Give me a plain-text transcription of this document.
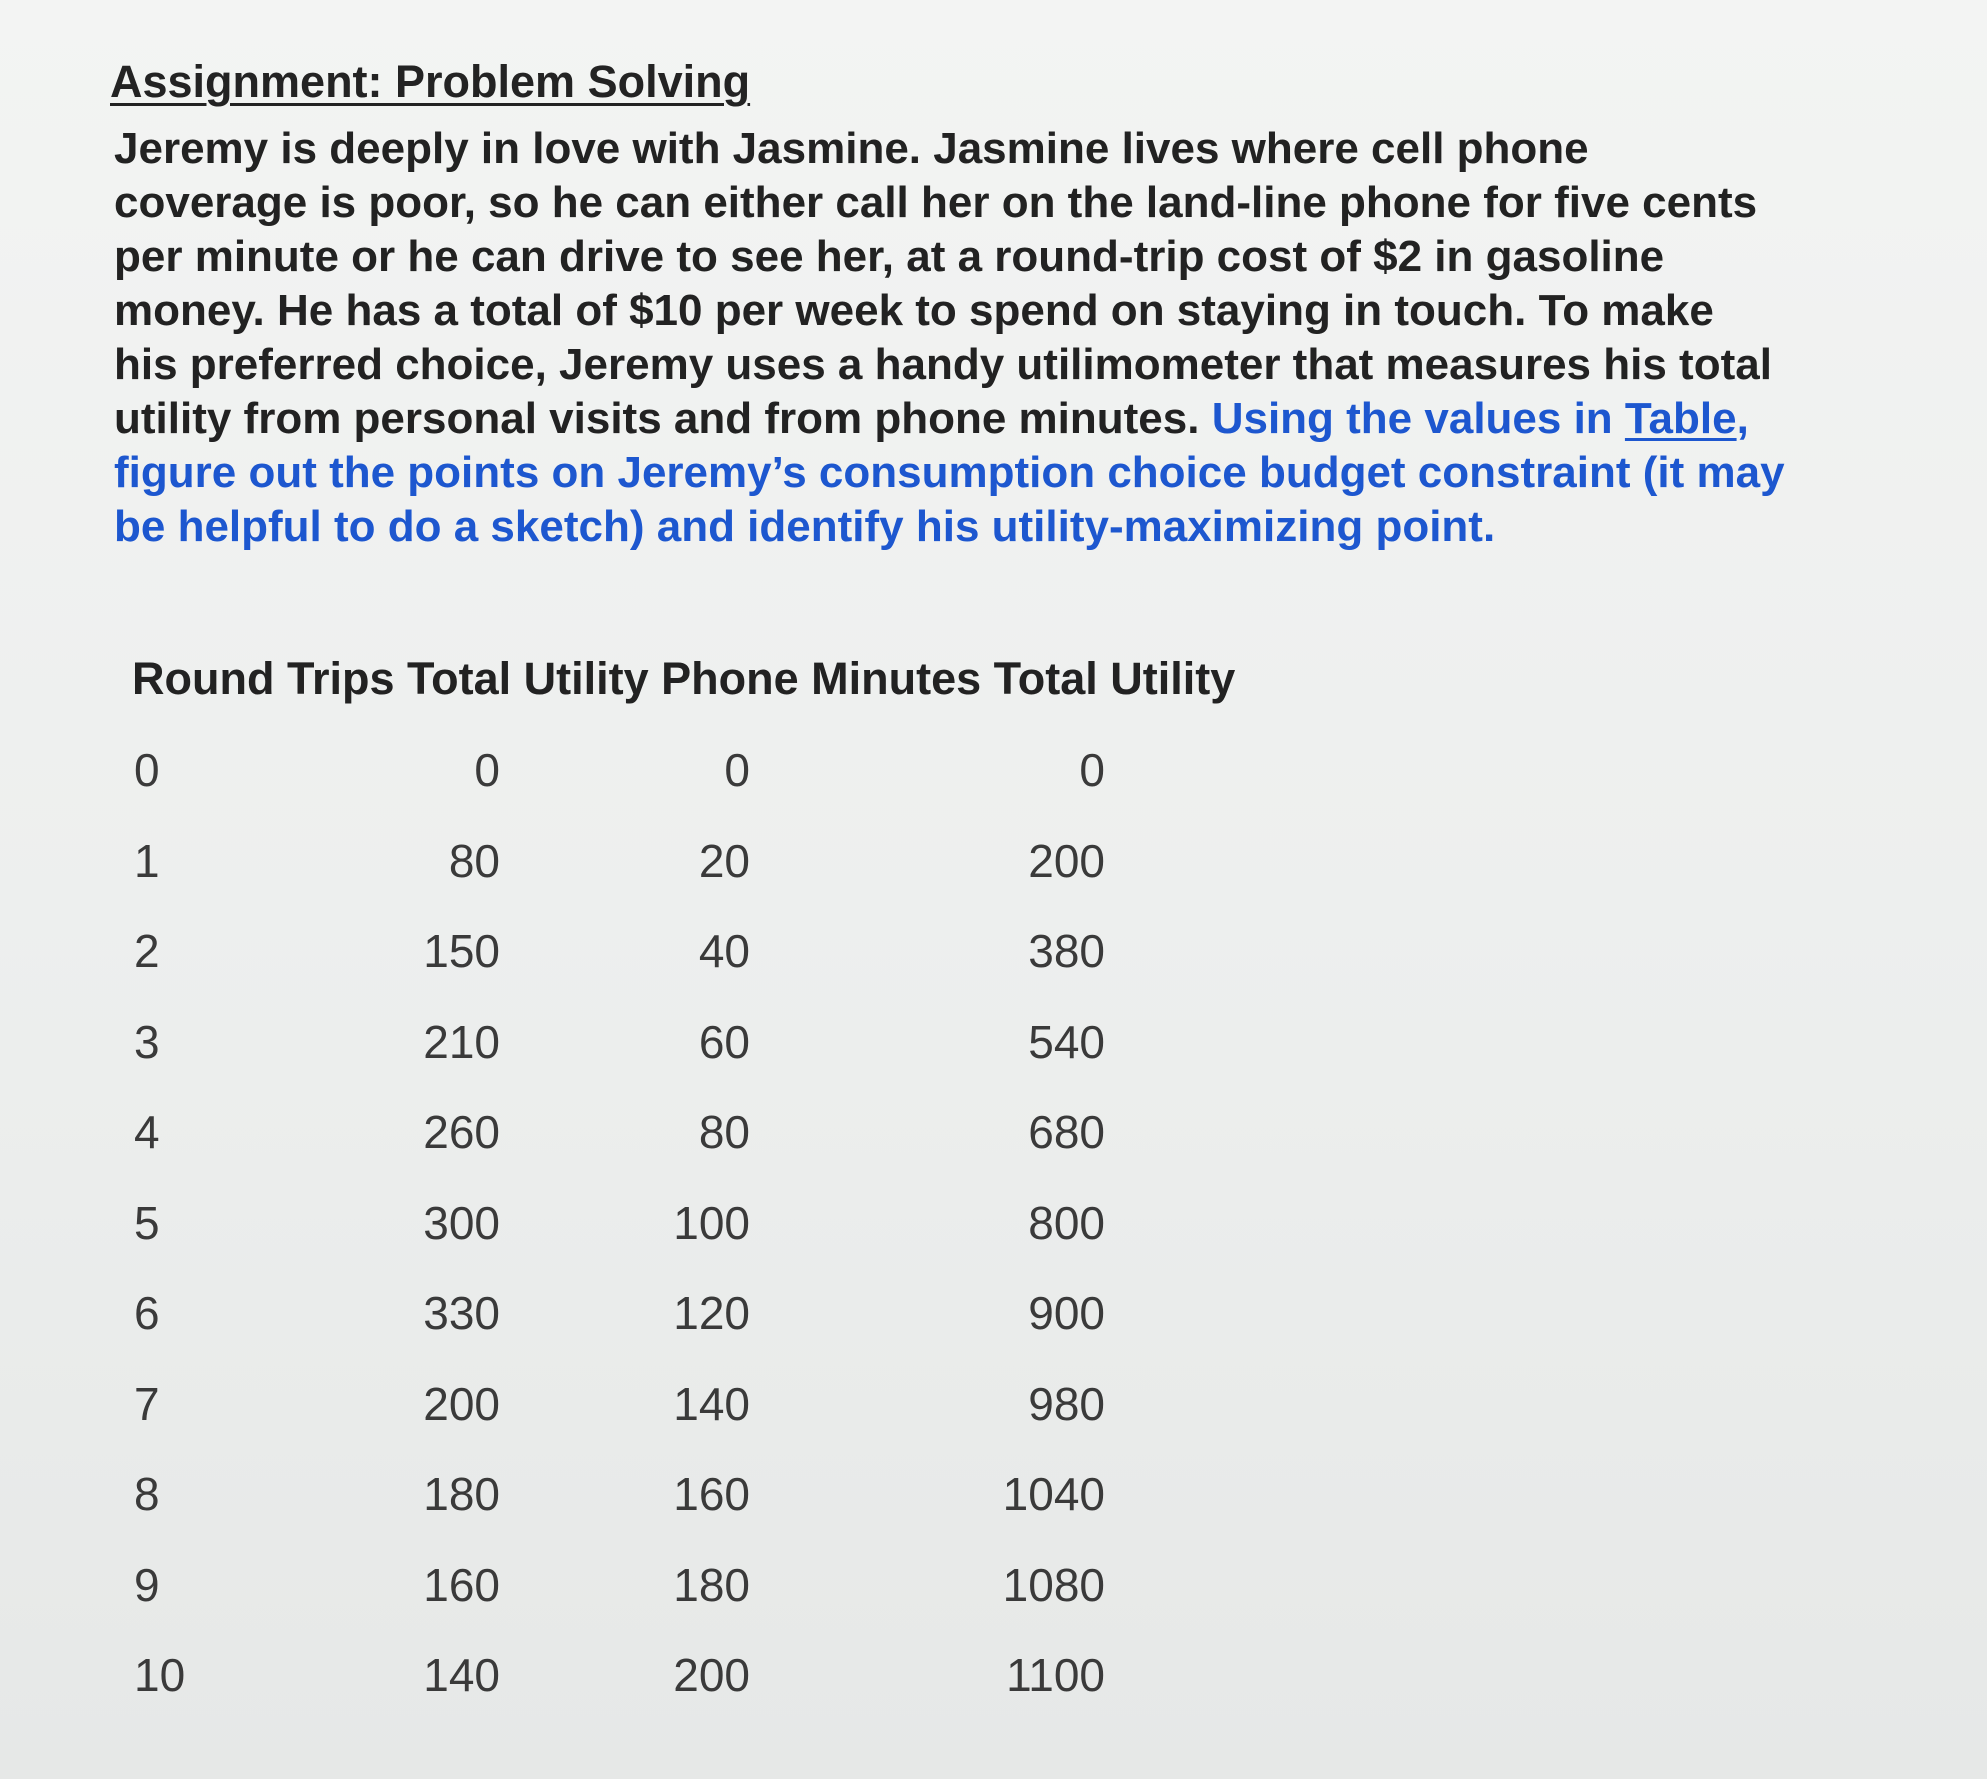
Assignment: Problem Solving
Jeremy is deeply in love with Jasmine. Jasmine lives where cell phone
coverage is poor, so he can either call her on the land-line phone for five cents
per minute or he can drive to see her, at a round-trip cost of $2 in gasoline
money. He has a total of $10 per week to spend on staying in touch. To make
his preferred choice, Jeremy uses a handy utilimometer that measures his total
utility from personal visits and from phone minutes. Using the values in Table,
figure out the points on Jeremy’s consumption choice budget constraint (it may
be helpful to do a sketch) and identify his utility-maximizing point.
Round Trips Total Utility Phone Minutes Total Utility
0	0	0	0
1	80	20	200
2	150	40	380
3	210	60	540
4	260	80	680
5	300	100	800
6	330	120	900
7	200	140	980
8	180	160	1040
9	160	180	1080
10	140	200	1100
